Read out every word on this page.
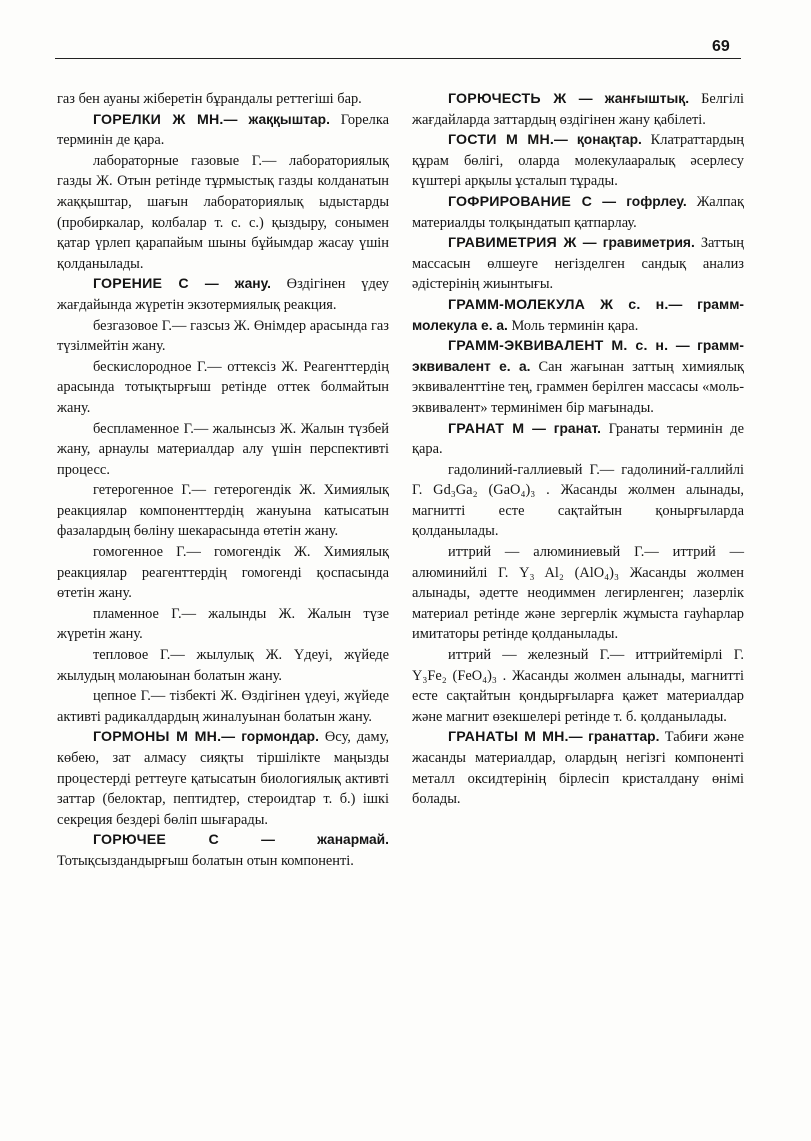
69

газ бен ауаны жіберетін бұрандалы реттегіші бар.

ГОРЕЛКИ Ж МН.— жаққыштар. Горелка терминін де қара.

лабораторные газовые Г.— лабораториялық газды Ж. Отын ретінде тұрмыстық газды колданатын жаққыштар, шағын лабораториялық ыдыстарды (пробиркалар, колбалар т. с. с.) қыздыру, сонымен қатар үрлеп қарапайым шыны бұйымдар жасау үшін қолданылады.

ГОРЕНИЕ С — жану. Өздігінен үдеу жағдайында жүретін экзотермиялық реакция.

безгазовое Г.— газсыз Ж. Өнімдер арасында газ түзілмейтін жану.

бескислородное Г.— оттексіз Ж. Реагенттердің арасында тотықтырғыш ретінде оттек болмайтын жану.

беспламенное Г.— жалынсыз Ж. Жалын түзбей жану, арнаулы материалдар алу үшін перспективті процесс.

гетерогенное Г.— гетерогендік Ж. Химиялық реакциялар компоненттердің жануына катысатын фазалардың бөліну шекарасында өтетін жану.

гомогенное Г.— гомогендік Ж. Химиялық реакциялар реагенттердің гомогенді қоспасында өтетін жану.

пламенное Г.— жалынды Ж. Жалын түзе жүретін жану.

тепловое Г.— жылулық Ж. Үдеуі, жүйеде жылудың молаюынан болатын жану.

цепное Г.— тізбекті Ж. Өздігінен үдеуі, жүйеде активті радикалдардың жиналуынан болатын жану.

ГОРМОНЫ М МН.— гормондар. Өсу, даму, көбею, зат алмасу сияқты тіршілікте маңызды процестерді реттеуге қатысатын биологиялық активті заттар (белоктар, пептидтер, стероидтар т. б.) ішкі секреция бездері бөліп шығарады.

ГОРЮЧЕЕ С — жанармай. Тотықсыздандырғыш болатын отын компоненті.

ГОРЮЧЕСТЬ Ж — жанғыштық. Белгілі жағдайларда заттардың өздігінен жану қабілеті.

ГОСТИ М МН.— қонақтар. Клатраттардың құрам бөлігі, оларда молекулааралық әсерлесу күштері арқылы ұсталып тұрады.

ГОФРИРОВАНИЕ С — гофрлеу. Жалпақ материалды толқындатып қатпарлау.

ГРАВИМЕТРИЯ Ж — гравиметрия. Заттың массасын өлшеуге негізделген сандық анализ әдістерінің жиынтығы.

ГРАММ-МОЛЕКУЛА Ж с. н.— грамм-молекула е. а. Моль терминін қара.

ГРАММ-ЭКВИВАЛЕНТ М. с. н. — грамм-эквивалент е. а. Сан жағынан заттың химиялық эквиваленттіне тең, граммен берілген массасы «моль-эквивалент» терминімен бір мағынады.

ГРАНАТ М — гранат. Гранаты терминін де қара.

гадолиний-галлиевый Г.— гадолиний-галлийлі Г. Gd₃Ga₂ (GaO₄)₃ . Жасанды жолмен алынады, магнитті есте сақтайтын қонырғыларда қолданылады.

иттрий — алюминиевый Г.— иттрий — алюминийлі Г. Y₃ Al₂ (AlO₄)₃ Жасанды жолмен алынады, әдетте неодиммен легирленген; лазерлік материал ретінде және зергерлік жұмыста гауһарлар имитаторы ретінде қолданылады.

иттрий — железный Г.— иттрийтемірлі Г. Y₃Fe₂ (FeO₄)₃ . Жасанды жолмен алынады, магнитті есте сақтайтын қондырғыларға қажет материалдар және магнит өзекшелері ретінде т. б. қолданылады.

ГРАНАТЫ М МН.— гранаттар. Табиғи және жасанды материалдар, олардың негізгі компоненті металл оксидтерінің бірлесіп кристалдану өнімі болады.
